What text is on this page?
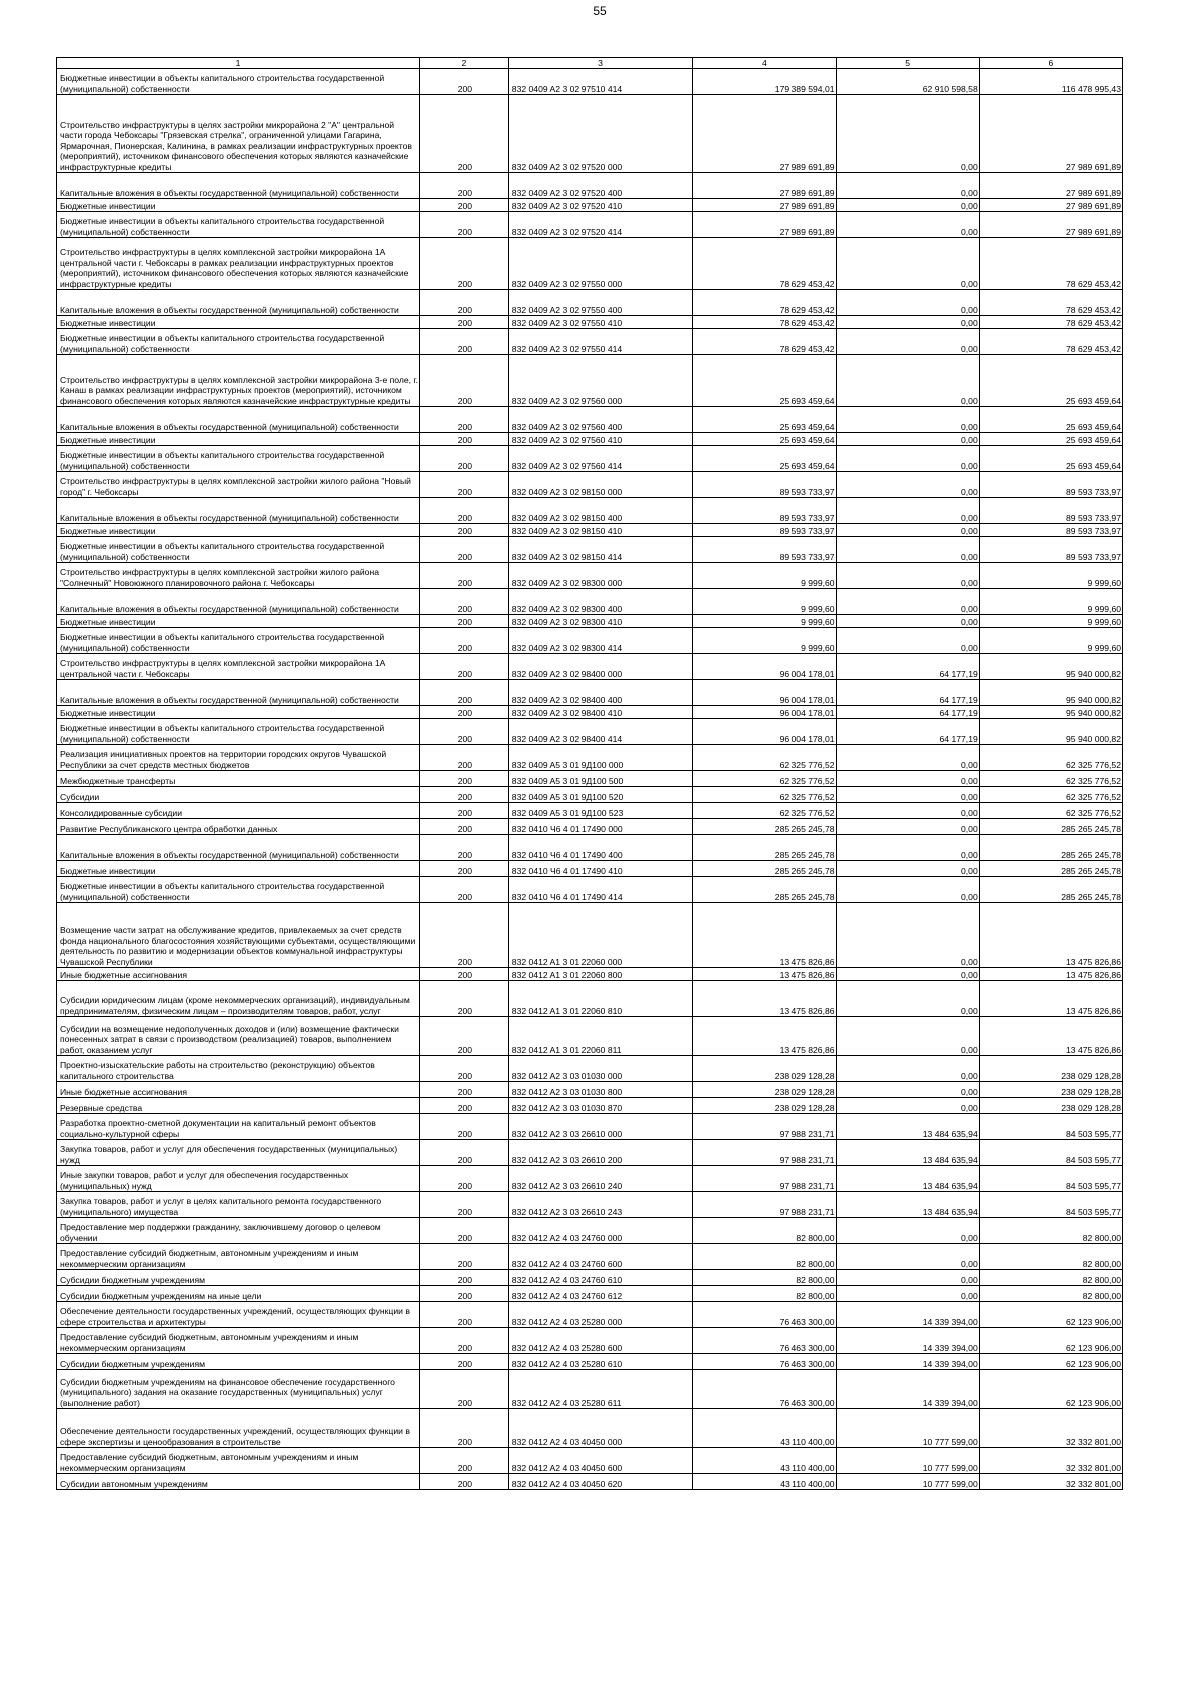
55
1	2	3	4	5	6
Бюджетные инвестиции в объекты капитального строительства государственной (муниципальной) собственности	200	832 0409 A2 3 02 97510 414	179 389 594,01	62 910 598,58	116 478 995,43
Строительство инфраструктуры в целях застройки микрорайона 2 "А" центральной части города Чебоксары "Грязевская стрелка", ограниченной улицами Гагарина, Ярмарочная, Пионерская, Калинина, в рамках реализации инфраструктурных проектов (мероприятий), источником финансового обеспечения которых являются казначейские инфраструктурные кредиты	200	832 0409 A2 3 02 97520 000	27 989 691,89	0,00	27 989 691,89
Капитальные вложения в объекты государственной (муниципальной) собственности	200	832 0409 A2 3 02 97520 400	27 989 691,89	0,00	27 989 691,89
Бюджетные инвестиции	200	832 0409 A2 3 02 97520 410	27 989 691,89	0,00	27 989 691,89
Бюджетные инвестиции в объекты капитального строительства государственной (муниципальной) собственности	200	832 0409 A2 3 02 97520 414	27 989 691,89	0,00	27 989 691,89
Строительство инфраструктуры в целях комплексной застройки микрорайона 1А центральной части г. Чебоксары в рамках реализации инфраструктурных проектов (мероприятий), источником финансового обеспечения которых являются казначейские инфраструктурные кредиты	200	832 0409 A2 3 02 97550 000	78 629 453,42	0,00	78 629 453,42
Капитальные вложения в объекты государственной (муниципальной) собственности	200	832 0409 A2 3 02 97550 400	78 629 453,42	0,00	78 629 453,42
Бюджетные инвестиции	200	832 0409 A2 3 02 97550 410	78 629 453,42	0,00	78 629 453,42
Бюджетные инвестиции в объекты капитального строительства государственной (муниципальной) собственности	200	832 0409 A2 3 02 97550 414	78 629 453,42	0,00	78 629 453,42
Строительство инфраструктуры в целях комплексной застройки микрорайона 3-е поле, г. Канаш в рамках реализации инфраструктурных проектов (мероприятий), источником финансового обеспечения которых являются казначейские инфраструктурные кредиты	200	832 0409 A2 3 02 97560 000	25 693 459,64	0,00	25 693 459,64
Капитальные вложения в объекты государственной (муниципальной) собственности	200	832 0409 A2 3 02 97560 400	25 693 459,64	0,00	25 693 459,64
Бюджетные инвестиции	200	832 0409 A2 3 02 97560 410	25 693 459,64	0,00	25 693 459,64
Бюджетные инвестиции в объекты капитального строительства государственной (муниципальной) собственности	200	832 0409 A2 3 02 97560 414	25 693 459,64	0,00	25 693 459,64
Строительство инфраструктуры в целях комплексной застройки жилого района "Новый город" г. Чебоксары	200	832 0409 A2 3 02 98150 000	89 593 733,97	0,00	89 593 733,97
Капитальные вложения в объекты государственной (муниципальной) собственности	200	832 0409 A2 3 02 98150 400	89 593 733,97	0,00	89 593 733,97
Бюджетные инвестиции	200	832 0409 A2 3 02 98150 410	89 593 733,97	0,00	89 593 733,97
Бюджетные инвестиции в объекты капитального строительства государственной (муниципальной) собственности	200	832 0409 A2 3 02 98150 414	89 593 733,97	0,00	89 593 733,97
Строительство инфраструктуры в целях комплексной застройки жилого района "Солнечный" Новоюжного планировочного района г. Чебоксары	200	832 0409 A2 3 02 98300 000	9 999,60	0,00	9 999,60
Капитальные вложения в объекты государственной (муниципальной) собственности	200	832 0409 A2 3 02 98300 400	9 999,60	0,00	9 999,60
Бюджетные инвестиции	200	832 0409 A2 3 02 98300 410	9 999,60	0,00	9 999,60
Бюджетные инвестиции в объекты капитального строительства государственной (муниципальной) собственности	200	832 0409 A2 3 02 98300 414	9 999,60	0,00	9 999,60
Строительство инфраструктуры в целях комплексной застройки микрорайона 1А центральной части г. Чебоксары	200	832 0409 A2 3 02 98400 000	96 004 178,01	64 177,19	95 940 000,82
Капитальные вложения в объекты государственной (муниципальной) собственности	200	832 0409 A2 3 02 98400 400	96 004 178,01	64 177,19	95 940 000,82
Бюджетные инвестиции	200	832 0409 A2 3 02 98400 410	96 004 178,01	64 177,19	95 940 000,82
Бюджетные инвестиции в объекты капитального строительства государственной (муниципальной) собственности	200	832 0409 A2 3 02 98400 414	96 004 178,01	64 177,19	95 940 000,82
Реализация инициативных проектов на территории городских округов Чувашской Республики за счет средств местных бюджетов	200	832 0409 A5 3 01 9Д100 000	62 325 776,52	0,00	62 325 776,52
Межбюджетные трансферты	200	832 0409 A5 3 01 9Д100 500	62 325 776,52	0,00	62 325 776,52
Субсидии	200	832 0409 A5 3 01 9Д100 520	62 325 776,52	0,00	62 325 776,52
Консолидированные субсидии	200	832 0409 A5 3 01 9Д100 523	62 325 776,52	0,00	62 325 776,52
Развитие Республиканского центра обработки данных	200	832 0410 Ч6 4 01 17490 000	285 265 245,78	0,00	285 265 245,78
Капитальные вложения в объекты государственной (муниципальной) собственности	200	832 0410 Ч6 4 01 17490 400	285 265 245,78	0,00	285 265 245,78
Бюджетные инвестиции	200	832 0410 Ч6 4 01 17490 410	285 265 245,78	0,00	285 265 245,78
Бюджетные инвестиции в объекты капитального строительства государственной (муниципальной) собственности	200	832 0410 Ч6 4 01 17490 414	285 265 245,78	0,00	285 265 245,78
Возмещение части затрат на обслуживание кредитов, привлекаемых за счет средств фонда национального благосостояния хозяйствующими субъектами, осуществляющими деятельность по развитию и модернизации объектов коммунальной инфраструктуры Чувашской Республики	200	832 0412 A1 3 01 22060 000	13 475 826,86	0,00	13 475 826,86
Иные бюджетные ассигнования	200	832 0412 A1 3 01 22060 800	13 475 826,86	0,00	13 475 826,86
Субсидии юридическим лицам (кроме некоммерческих организаций), индивидуальным предпринимателям, физическим лицам – производителям товаров, работ, услуг	200	832 0412 A1 3 01 22060 810	13 475 826,86	0,00	13 475 826,86
Субсидии на возмещение недополученных доходов и (или) возмещение фактически понесенных затрат в связи с производством (реализацией) товаров, выполнением работ, оказанием услуг	200	832 0412 A1 3 01 22060 811	13 475 826,86	0,00	13 475 826,86
Проектно-изыскательские работы на строительство (реконструкцию) объектов капитального строительства	200	832 0412 A2 3 03 01030 000	238 029 128,28	0,00	238 029 128,28
Иные бюджетные ассигнования	200	832 0412 A2 3 03 01030 800	238 029 128,28	0,00	238 029 128,28
Резервные средства	200	832 0412 A2 3 03 01030 870	238 029 128,28	0,00	238 029 128,28
Разработка проектно-сметной документации на капитальный ремонт объектов социально-культурной сферы	200	832 0412 A2 3 03 26610 000	97 988 231,71	13 484 635,94	84 503 595,77
Закупка товаров, работ и услуг для обеспечения государственных (муниципальных) нужд	200	832 0412 A2 3 03 26610 200	97 988 231,71	13 484 635,94	84 503 595,77
Иные закупки товаров, работ и услуг для обеспечения государственных (муниципальных) нужд	200	832 0412 A2 3 03 26610 240	97 988 231,71	13 484 635,94	84 503 595,77
Закупка товаров, работ и услуг в целях капитального ремонта государственного (муниципального) имущества	200	832 0412 A2 3 03 26610 243	97 988 231,71	13 484 635,94	84 503 595,77
Предоставление мер поддержки гражданину, заключившему договор о целевом обучении	200	832 0412 A2 4 03 24760 000	82 800,00	0,00	82 800,00
Предоставление субсидий бюджетным, автономным учреждениям и иным некоммерческим организациям	200	832 0412 A2 4 03 24760 600	82 800,00	0,00	82 800,00
Субсидии бюджетным учреждениям	200	832 0412 A2 4 03 24760 610	82 800,00	0,00	82 800,00
Субсидии бюджетным учреждениям на иные цели	200	832 0412 A2 4 03 24760 612	82 800,00	0,00	82 800,00
Обеспечение деятельности государственных учреждений, осуществляющих функции в сфере строительства и архитектуры	200	832 0412 A2 4 03 25280 000	76 463 300,00	14 339 394,00	62 123 906,00
Предоставление субсидий бюджетным, автономным учреждениям и иным некоммерческим организациям	200	832 0412 A2 4 03 25280 600	76 463 300,00	14 339 394,00	62 123 906,00
Субсидии бюджетным учреждениям	200	832 0412 A2 4 03 25280 610	76 463 300,00	14 339 394,00	62 123 906,00
Субсидии бюджетным учреждениям на финансовое обеспечение государственного (муниципального) задания на оказание государственных (муниципальных) услуг (выполнение работ)	200	832 0412 A2 4 03 25280 611	76 463 300,00	14 339 394,00	62 123 906,00
Обеспечение деятельности государственных учреждений, осуществляющих функции в сфере экспертизы и ценообразования в строительстве	200	832 0412 A2 4 03 40450 000	43 110 400,00	10 777 599,00	32 332 801,00
Предоставление субсидий бюджетным, автономным учреждениям и иным некоммерческим организациям	200	832 0412 A2 4 03 40450 600	43 110 400,00	10 777 599,00	32 332 801,00
Субсидии автономным учреждениям	200	832 0412 A2 4 03 40450 620	43 110 400,00	10 777 599,00	32 332 801,00
